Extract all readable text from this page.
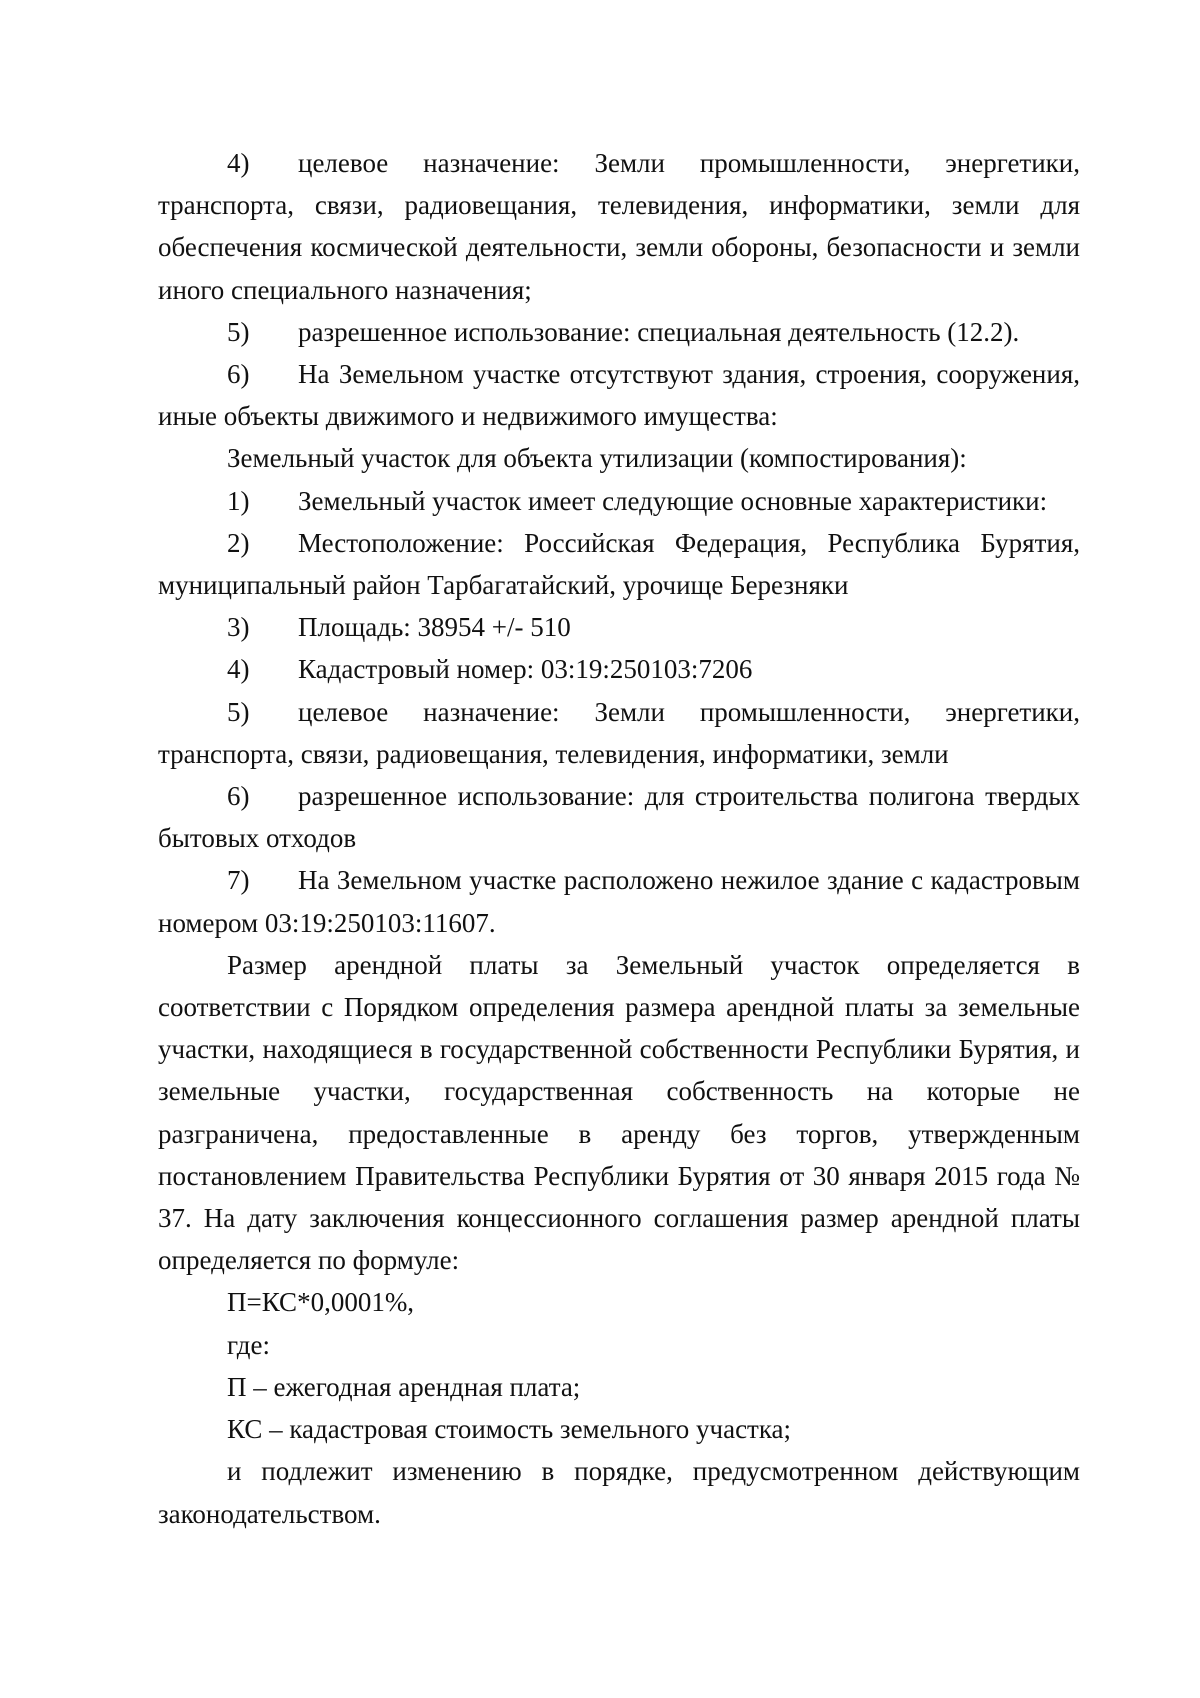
4) целевое назначение: Земли промышленности, энергетики, транспорта, связи, радиовещания, телевидения, информатики, земли для обеспечения космической деятельности, земли обороны, безопасности и земли иного специального назначения;

5) разрешенное использование: специальная деятельность (12.2).

6) На Земельном участке отсутствуют здания, строения, сооружения, иные объекты движимого и недвижимого имущества:

Земельный участок для объекта утилизации (компостирования):

1) Земельный участок имеет следующие основные характеристики:

2) Местоположение: Российская Федерация, Республика Бурятия, муниципальный район Тарбагатайский, урочище Березняки

3) Площадь: 38954 +/- 510

4) Кадастровый номер: 03:19:250103:7206

5) целевое назначение: Земли промышленности, энергетики, транспорта, связи, радиовещания, телевидения, информатики, земли

6) разрешенное использование: для строительства полигона твердых бытовых отходов

7) На Земельном участке расположено нежилое здание с кадастровым номером 03:19:250103:11607.

Размер арендной платы за Земельный участок определяется в соответствии с Порядком определения размера арендной платы за земельные участки, находящиеся в государственной собственности Республики Бурятия, и земельные участки, государственная собственность на которые не разграничена, предоставленные в аренду без торгов, утвержденным постановлением Правительства Республики Бурятия от 30 января 2015 года № 37. На дату заключения концессионного соглашения размер арендной платы определяется по формуле:

П=КС*0,0001%,

где:

П – ежегодная арендная плата;

КС – кадастровая стоимость земельного участка;

и подлежит изменению в порядке, предусмотренном действующим законодательством.
